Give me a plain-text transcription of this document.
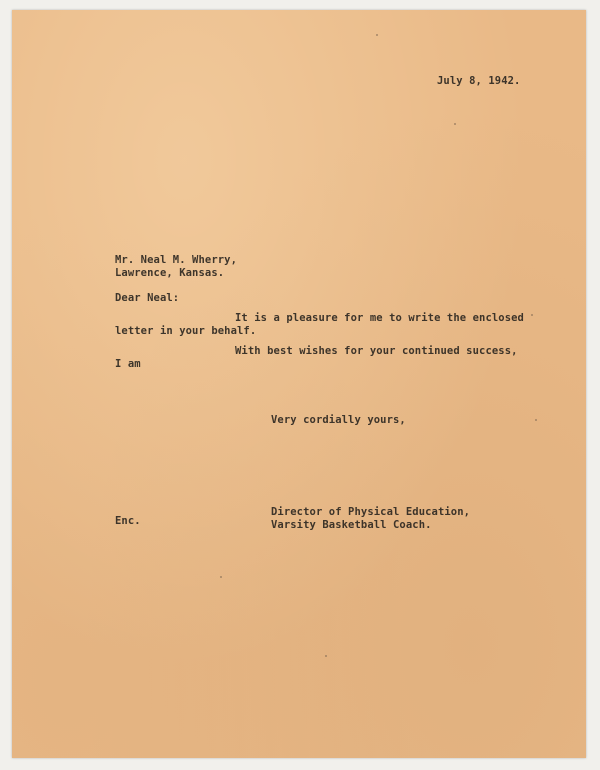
July 8, 1942.

Mr. Neal M. Wherry,

Lawrence, Kansas.

Dear Neal:

It is a pleasure for me to write the enclosed

letter in your behalf.

With best wishes for your continued success,

I am

Very cordially yours,

Director of Physical Education,

Varsity Basketball Coach.

Enc.
